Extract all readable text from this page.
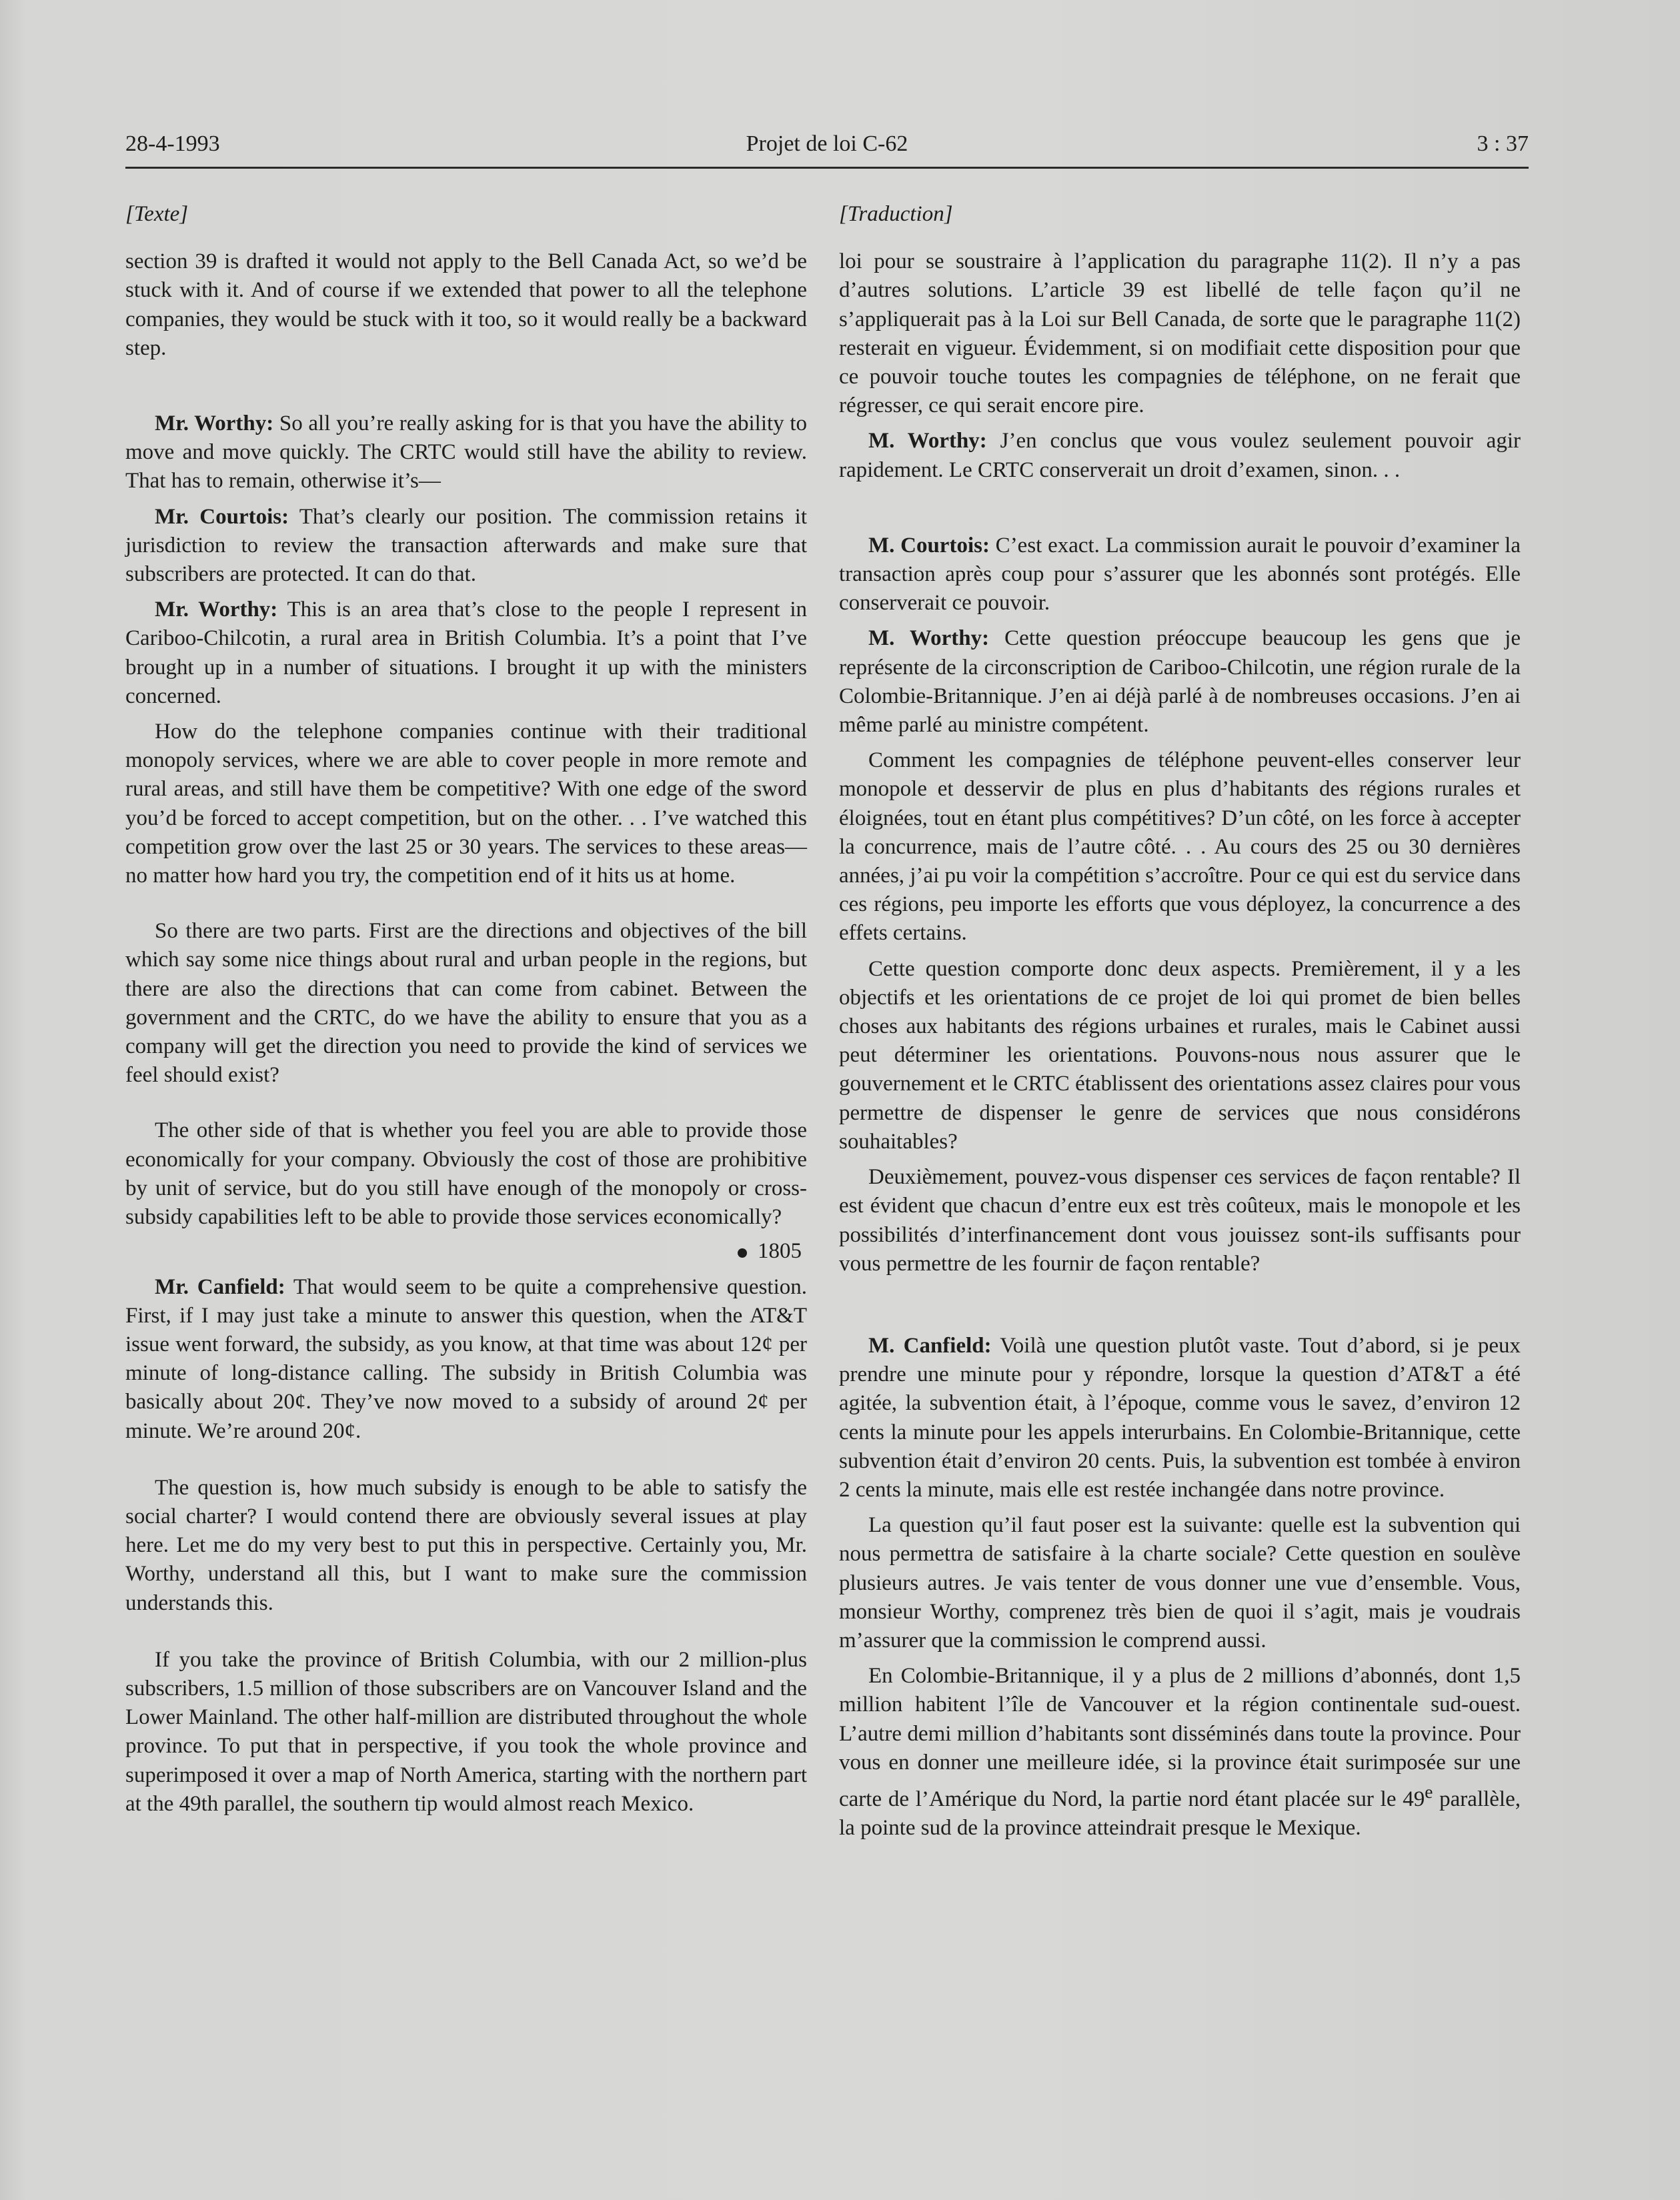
28-4-1993	Projet de loi C-62	3 : 37

[Texte]

section 39 is drafted it would not apply to the Bell Canada Act, so we’d be stuck with it. And of course if we extended that power to all the telephone companies, they would be stuck with it too, so it would really be a backward step.

Mr. Worthy: So all you’re really asking for is that you have the ability to move and move quickly. The CRTC would still have the ability to review. That has to remain, otherwise it’s—

Mr. Courtois: That’s clearly our position. The commission retains it jurisdiction to review the transaction afterwards and make sure that subscribers are protected. It can do that.

Mr. Worthy: This is an area that’s close to the people I represent in Cariboo-Chilcotin, a rural area in British Columbia. It’s a point that I’ve brought up in a number of situations. I brought it up with the ministers concerned.

How do the telephone companies continue with their traditional monopoly services, where we are able to cover people in more remote and rural areas, and still have them be competitive? With one edge of the sword you’d be forced to accept competition, but on the other. . . I’ve watched this competition grow over the last 25 or 30 years. The services to these areas—no matter how hard you try, the competition end of it hits us at home.

So there are two parts. First are the directions and objectives of the bill which say some nice things about rural and urban people in the regions, but there are also the directions that can come from cabinet. Between the government and the CRTC, do we have the ability to ensure that you as a company will get the direction you need to provide the kind of services we feel should exist?

The other side of that is whether you feel you are able to provide those economically for your company. Obviously the cost of those are prohibitive by unit of service, but do you still have enough of the monopoly or cross-subsidy capabilities left to be able to provide those services economically?

1805

Mr. Canfield: That would seem to be quite a comprehensive question. First, if I may just take a minute to answer this question, when the AT&T issue went forward, the subsidy, as you know, at that time was about 12¢ per minute of long-distance calling. The subsidy in British Columbia was basically about 20¢. They’ve now moved to a subsidy of around 2¢ per minute. We’re around 20¢.

The question is, how much subsidy is enough to be able to satisfy the social charter? I would contend there are obviously several issues at play here. Let me do my very best to put this in perspective. Certainly you, Mr. Worthy, understand all this, but I want to make sure the commission understands this.

If you take the province of British Columbia, with our 2 million-plus subscribers, 1.5 million of those subscribers are on Vancouver Island and the Lower Mainland. The other half-million are distributed throughout the whole province. To put that in perspective, if you took the whole province and superimposed it over a map of North America, starting with the northern part at the 49th parallel, the southern tip would almost reach Mexico.

[Traduction]

loi pour se soustraire à l’application du paragraphe 11(2). Il n’y a pas d’autres solutions. L’article 39 est libellé de telle façon qu’il ne s’appliquerait pas à la Loi sur Bell Canada, de sorte que le paragraphe 11(2) resterait en vigueur. Évidemment, si on modifiait cette disposition pour que ce pouvoir touche toutes les compagnies de téléphone, on ne ferait que régresser, ce qui serait encore pire.

M. Worthy: J’en conclus que vous voulez seulement pouvoir agir rapidement. Le CRTC conserverait un droit d’examen, sinon. . .

M. Courtois: C’est exact. La commission aurait le pouvoir d’examiner la transaction après coup pour s’assurer que les abonnés sont protégés. Elle conserverait ce pouvoir.

M. Worthy: Cette question préoccupe beaucoup les gens que je représente de la circonscription de Cariboo-Chilcotin, une région rurale de la Colombie-Britannique. J’en ai déjà parlé à de nombreuses occasions. J’en ai même parlé au ministre compétent.

Comment les compagnies de téléphone peuvent-elles conserver leur monopole et desservir de plus en plus d’habitants des régions rurales et éloignées, tout en étant plus compétitives? D’un côté, on les force à accepter la concurrence, mais de l’autre côté. . . Au cours des 25 ou 30 dernières années, j’ai pu voir la compétition s’accroître. Pour ce qui est du service dans ces régions, peu importe les efforts que vous déployez, la concurrence a des effets certains.

Cette question comporte donc deux aspects. Premièrement, il y a les objectifs et les orientations de ce projet de loi qui promet de bien belles choses aux habitants des régions urbaines et rurales, mais le Cabinet aussi peut déterminer les orientations. Pouvons-nous nous assurer que le gouvernement et le CRTC établissent des orientations assez claires pour vous permettre de dispenser le genre de services que nous considérons souhaitables?

Deuxièmement, pouvez-vous dispenser ces services de façon rentable? Il est évident que chacun d’entre eux est très coûteux, mais le monopole et les possibilités d’interfinancement dont vous jouissez sont-ils suffisants pour vous permettre de les fournir de façon rentable?

M. Canfield: Voilà une question plutôt vaste. Tout d’abord, si je peux prendre une minute pour y répondre, lorsque la question d’AT&T a été agitée, la subvention était, à l’époque, comme vous le savez, d’environ 12 cents la minute pour les appels interurbains. En Colombie-Britannique, cette subvention était d’environ 20 cents. Puis, la subvention est tombée à environ 2 cents la minute, mais elle est restée inchangée dans notre province.

La question qu’il faut poser est la suivante: quelle est la subvention qui nous permettra de satisfaire à la charte sociale? Cette question en soulève plusieurs autres. Je vais tenter de vous donner une vue d’ensemble. Vous, monsieur Worthy, comprenez très bien de quoi il s’agit, mais je voudrais m’assurer que la commission le comprend aussi.

En Colombie-Britannique, il y a plus de 2 millions d’abonnés, dont 1,5 million habitent l’île de Vancouver et la région continentale sud-ouest. L’autre demi million d’habitants sont disséminés dans toute la province. Pour vous en donner une meilleure idée, si la province était surimposée sur une carte de l’Amérique du Nord, la partie nord étant placée sur le 49e parallèle, la pointe sud de la province atteindrait presque le Mexique.
